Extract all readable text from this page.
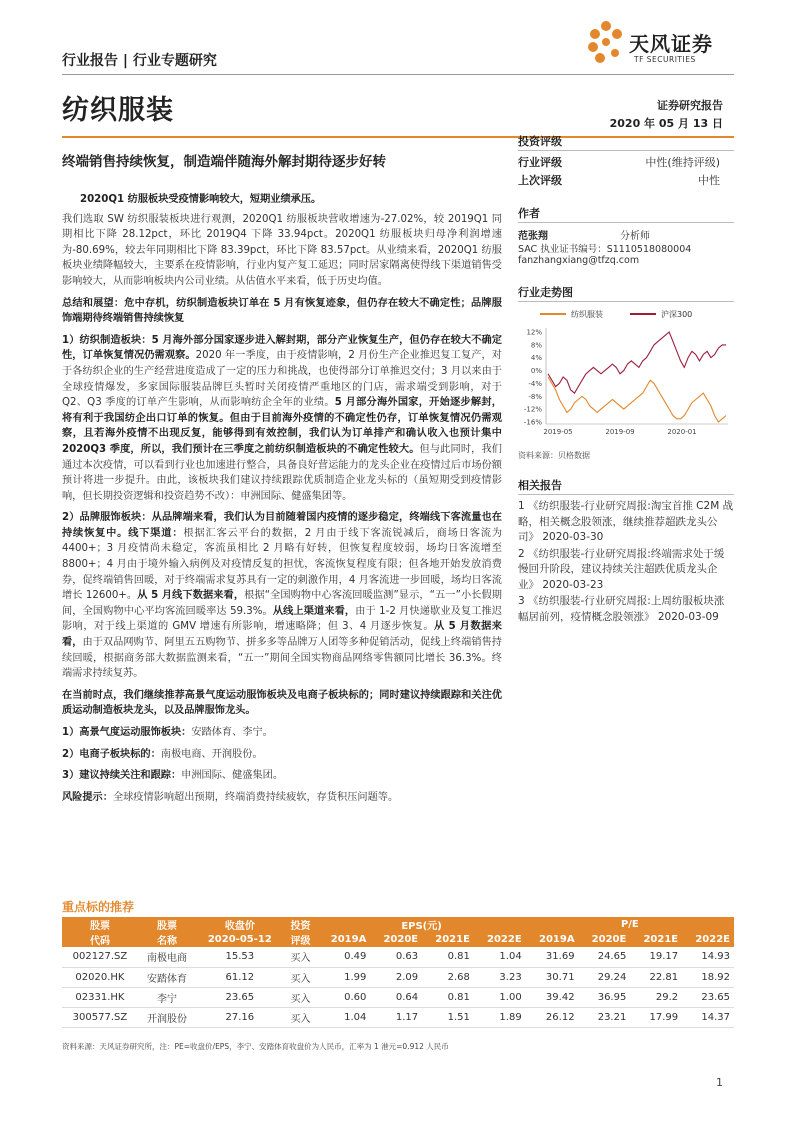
行业报告 | 行业专题研究
天风证券
TF SECURITIES
纺织服装	证券研究报告
2020 年 05 月 13 日
终端销售持续恢复，制造端伴随海外解封期待逐步好转

2020Q1 纺服板块受疫情影响较大，短期业绩承压。

我们选取 SW 纺织服装板块进行观测，2020Q1 纺服板块营收增速为-27.02%，较 2019Q1 同期相比下降 28.12pct，环比 2019Q4 下降 33.94pct。2020Q1 纺服板块归母净利润增速为-80.69%，较去年同期相比下降 83.39pct，环比下降 83.57pct。从业绩来看，2020Q1 纺服板块业绩降幅较大，主要系在疫情影响，行业内复产复工延迟；同时居家隔离使得线下渠道销售受影响较大，从而影响板块内公司业绩。从估值水平来看，低于历史均值。

总结和展望：危中存机，纺织制造板块订单在 5 月有恢复迹象，但仍存在较大不确定性；品牌服饰端期待终端销售持续恢复

1）纺织制造板块：5 月海外部分国家逐步进入解封期，部分产业恢复生产，但仍存在较大不确定性，订单恢复情况仍需观察。2020 年一季度，由于疫情影响，2 月份生产企业推迟复工复产，对于各纺织企业的生产经营进度造成了一定的压力和挑战，也使得部分订单推迟交付；3 月以来由于全球疫情爆发，多家国际服装品牌巨头暂时关闭疫情严重地区的门店，需求端受到影响，对于 Q2、Q3 季度的订单产生影响，从而影响纺企全年的业绩。5 月部分海外国家，开始逐步解封，将有利于我国纺企出口订单的恢复。但由于目前海外疫情的不确定性仍存，订单恢复情况仍需观察，且若海外疫情不出现反复，能够得到有效控制，我们认为订单排产和确认收入也预计集中 2020Q3 季度，所以，我们预计在三季度之前纺织制造板块的不确定性较大。但与此同时，我们通过本次疫情，可以看到行业也加速进行整合，具备良好营运能力的龙头企业在疫情过后市场份额预计将进一步提升。由此，该板块我们建议持续跟踪优质制造企业龙头标的（虽短期受到疫情影响，但长期投资逻辑和投资趋势不改）：申洲国际、健盛集团等。

2）品牌服饰板块：从品牌端来看，我们认为目前随着国内疫情的逐步稳定，终端线下客流量也在持续恢复中。线下渠道：根据汇客云平台的数据，2 月由于线下客流锐减后，商场日客流为 4400+；3 月疫情尚未稳定，客流虽相比 2 月略有好转，但恢复程度较弱，场均日客流增至 8800+；4 月由于境外输入病例及对疫情反复的担忧，客流恢复程度有限；但各地开始发放消费券，促终端销售回暖，对于终端需求复苏具有一定的刺激作用，4 月客流进一步回暖，场均日客流增长 12600+。从 5 月线下数据来看，根据“全国购物中心客流回暖监测”显示，“五一”小长假期间，全国购物中心平均客流回暖率达 59.3%。从线上渠道来看，由于 1-2 月快递歇业及复工推迟影响，对于线上渠道的 GMV 增速有所影响，增速略降；但 3、4 月逐步恢复。从 5 月数据来看，由于双品网购节、阿里五五购物节、拼多多等品牌万人团等多种促销活动，促线上终端销售持续回暖，根据商务部大数据监测来看，“五一”期间全国实物商品网络零售额同比增长 36.3%。终端需求持续复苏。

在当前时点，我们继续推荐高景气度运动服饰板块及电商子板块标的；同时建议持续跟踪和关注优质运动制造板块龙头，以及品牌服饰龙头。

1）高景气度运动服饰板块：安踏体育、李宁。

2）电商子板块标的：南极电商、开润股份。

3）建议持续关注和跟踪：申洲国际、健盛集团。

风险提示：全球疫情影响超出预期，终端消费持续疲软，存货积压问题等。

投资评级
行业评级	中性(维持评级)
上次评级	中性
作者
范张翔	分析师
SAC 执业证书编号：S1110518080004
fanzhangxiang@tfzq.com
行业走势图
纺织服装	沪深300
12%
8%
4%
0%
-4%
-8%
-12%
-16%
2019-05	2019-09	2020-01
资料来源：贝格数据
相关报告
1 《纺织服装-行业研究周报:淘宝首推 C2M 战略，相关概念股领涨，继续推荐超跌龙头公司》 2020-03-30
2 《纺织服装-行业研究周报:终端需求处于缓慢回升阶段，建议持续关注超跌优质龙头企业》 2020-03-23
3 《纺织服装-行业研究周报:上周纺服板块涨幅居前列，疫情概念股领涨》 2020-03-09
重点标的推荐
股票	股票	收盘价	投资	EPS(元)				P/E			
代码	名称	2020-05-12	评级	2019A	2020E	2021E	2022E	2019A	2020E	2021E	2022E
002127.SZ	南极电商	15.53	买入	0.49	0.63	0.81	1.04	31.69	24.65	19.17	14.93
02020.HK	安踏体育	61.12	买入	1.99	2.09	2.68	3.23	30.71	29.24	22.81	18.92
02331.HK	李宁	23.65	买入	0.60	0.64	0.81	1.00	39.42	36.95	29.2	23.65
300577.SZ	开润股份	27.16	买入	1.04	1.17	1.51	1.89	26.12	23.21	17.99	14.37
资料来源：天风证券研究所，注：PE=收盘价/EPS，李宁、安踏体育收盘价为人民币，汇率为 1 港元=0.912 人民币
1
